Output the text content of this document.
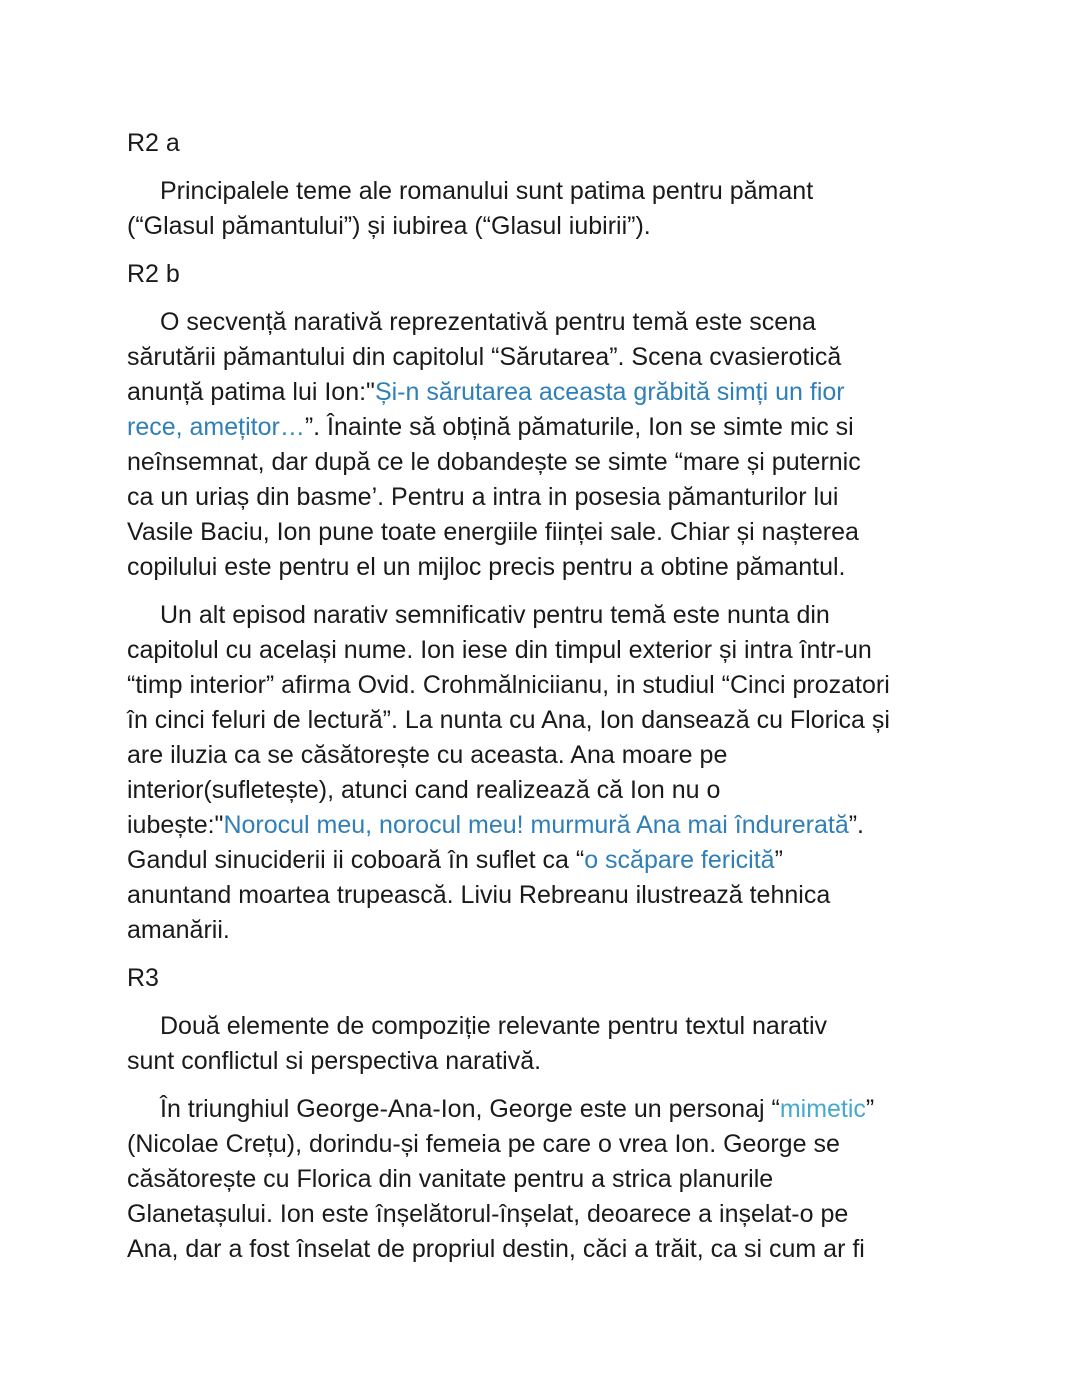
R2 a
Principalele teme ale romanului sunt patima pentru pămant
(“Glasul pămantului”) și iubirea (“Glasul iubirii”).
R2 b
O secvență narativă reprezentativă pentru temă este scena
sărutării pămantului din capitolul “Sărutarea”. Scena cvasierotică
anunță patima lui Ion:"Și-n sărutarea aceasta grăbită simți un fior
rece, amețitor…”. Înainte să obțină pămaturile, Ion se simte mic si
neînsemnat, dar după ce le dobandește se simte “mare și puternic
ca un uriaș din basme’. Pentru a intra in posesia pămanturilor lui
Vasile Baciu, Ion pune toate energiile ființei sale. Chiar și nașterea
copilului este pentru el un mijloc precis pentru a obtine pămantul.
Un alt episod narativ semnificativ pentru temă este nunta din
capitolul cu același nume. Ion iese din timpul exterior și intra într-un
“timp interior” afirma Ovid. Crohmălniciianu, in studiul “Cinci prozatori
în cinci feluri de lectură”. La nunta cu Ana, Ion dansează cu Florica și
are iluzia ca se căsătorește cu aceasta. Ana moare pe
interior(sufletește), atunci cand realizează că Ion nu o
iubește:"Norocul meu, norocul meu! murmură Ana mai îndurerată”.
Gandul sinuciderii ii coboară în suflet ca “o scăpare fericită”
anuntand moartea trupească. Liviu Rebreanu ilustrează tehnica
amanării.
R3
Două elemente de compoziție relevante pentru textul narativ
sunt conflictul si perspectiva narativă.
În triunghiul George-Ana-Ion, George este un personaj “mimetic”
(Nicolae Crețu), dorindu-și femeia pe care o vrea Ion. George se
căsătorește cu Florica din vanitate pentru a strica planurile
Glanetașului. Ion este înșelătorul-înșelat, deoarece a inșelat-o pe
Ana, dar a fost înselat de propriul destin, căci a trăit, ca si cum ar fi
